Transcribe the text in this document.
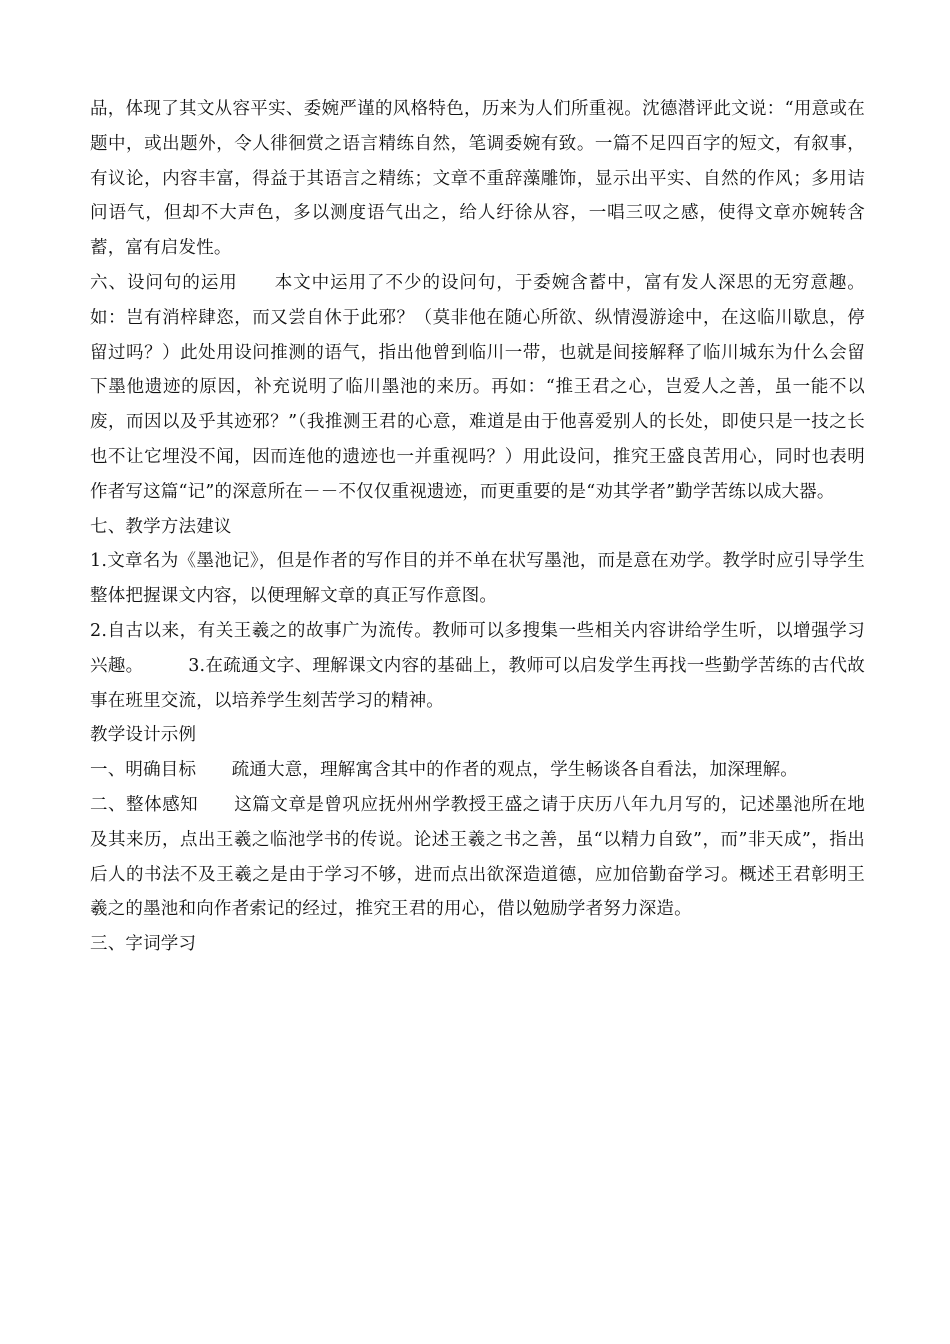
品，体现了其文从容平实、委婉严谨的风格特色，历来为人们所重视。沈德潜评此文说：“用意或在题中，或出题外，令人徘徊赏之语言精练自然，笔调委婉有致。一篇不足四百字的短文，有叙事，有议论，内容丰富，得益于其语言之精练；文章不重辞藻雕饰，显示出平实、自然的作风；多用诘问语气，但却不大声色，多以测度语气出之，给人纡徐从容，一唱三叹之感，使得文章亦婉转含蓄，富有启发性。

六、设问句的运用　　本文中运用了不少的设问句，于委婉含蓄中，富有发人深思的无穷意趣。如：岂有消梓肆恣，而又尝自休于此邪？（莫非他在随心所欲、纵情漫游途中，在这临川歇息，停留过吗？）此处用设问推测的语气，指出他曾到临川一带，也就是间接解释了临川城东为什么会留下墨他遗迹的原因，补充说明了临川墨池的来历。再如：“推王君之心，岂爱人之善，虽一能不以废，而因以及乎其迹邪？”（我推测王君的心意，难道是由于他喜爱别人的长处，即使只是一技之长也不让它埋没不闻，因而连他的遗迹也一并重视吗？）用此设问，推究王盛良苦用心，同时也表明作者写这篇“记”的深意所在－－不仅仅重视遗迹，而更重要的是“劝其学者”勤学苦练以成大器。

七、教学方法建议

1.文章名为《墨池记》，但是作者的写作目的并不单在状写墨池，而是意在劝学。教学时应引导学生整体把握课文内容，以便理解文章的真正写作意图。

2.自古以来，有关王羲之的故事广为流传。教师可以多搜集一些相关内容讲给学生听，以增强学习兴趣。　　　3.在疏通文字、理解课文内容的基础上，教师可以启发学生再找一些勤学苦练的古代故事在班里交流，以培养学生刻苦学习的精神。

教学设计示例

一、明确目标　　疏通大意，理解寓含其中的作者的观点，学生畅谈各自看法，加深理解。

二、整体感知　　这篇文章是曾巩应抚州州学教授王盛之请于庆历八年九月写的，记述墨池所在地及其来历，点出王羲之临池学书的传说。论述王羲之书之善，虽“以精力自致”，而”非天成”，指出后人的书法不及王羲之是由于学习不够，进而点出欲深造道德，应加倍勤奋学习。概述王君彰明王羲之的墨池和向作者索记的经过，推究王君的用心，借以勉励学者努力深造。

三、字词学习
